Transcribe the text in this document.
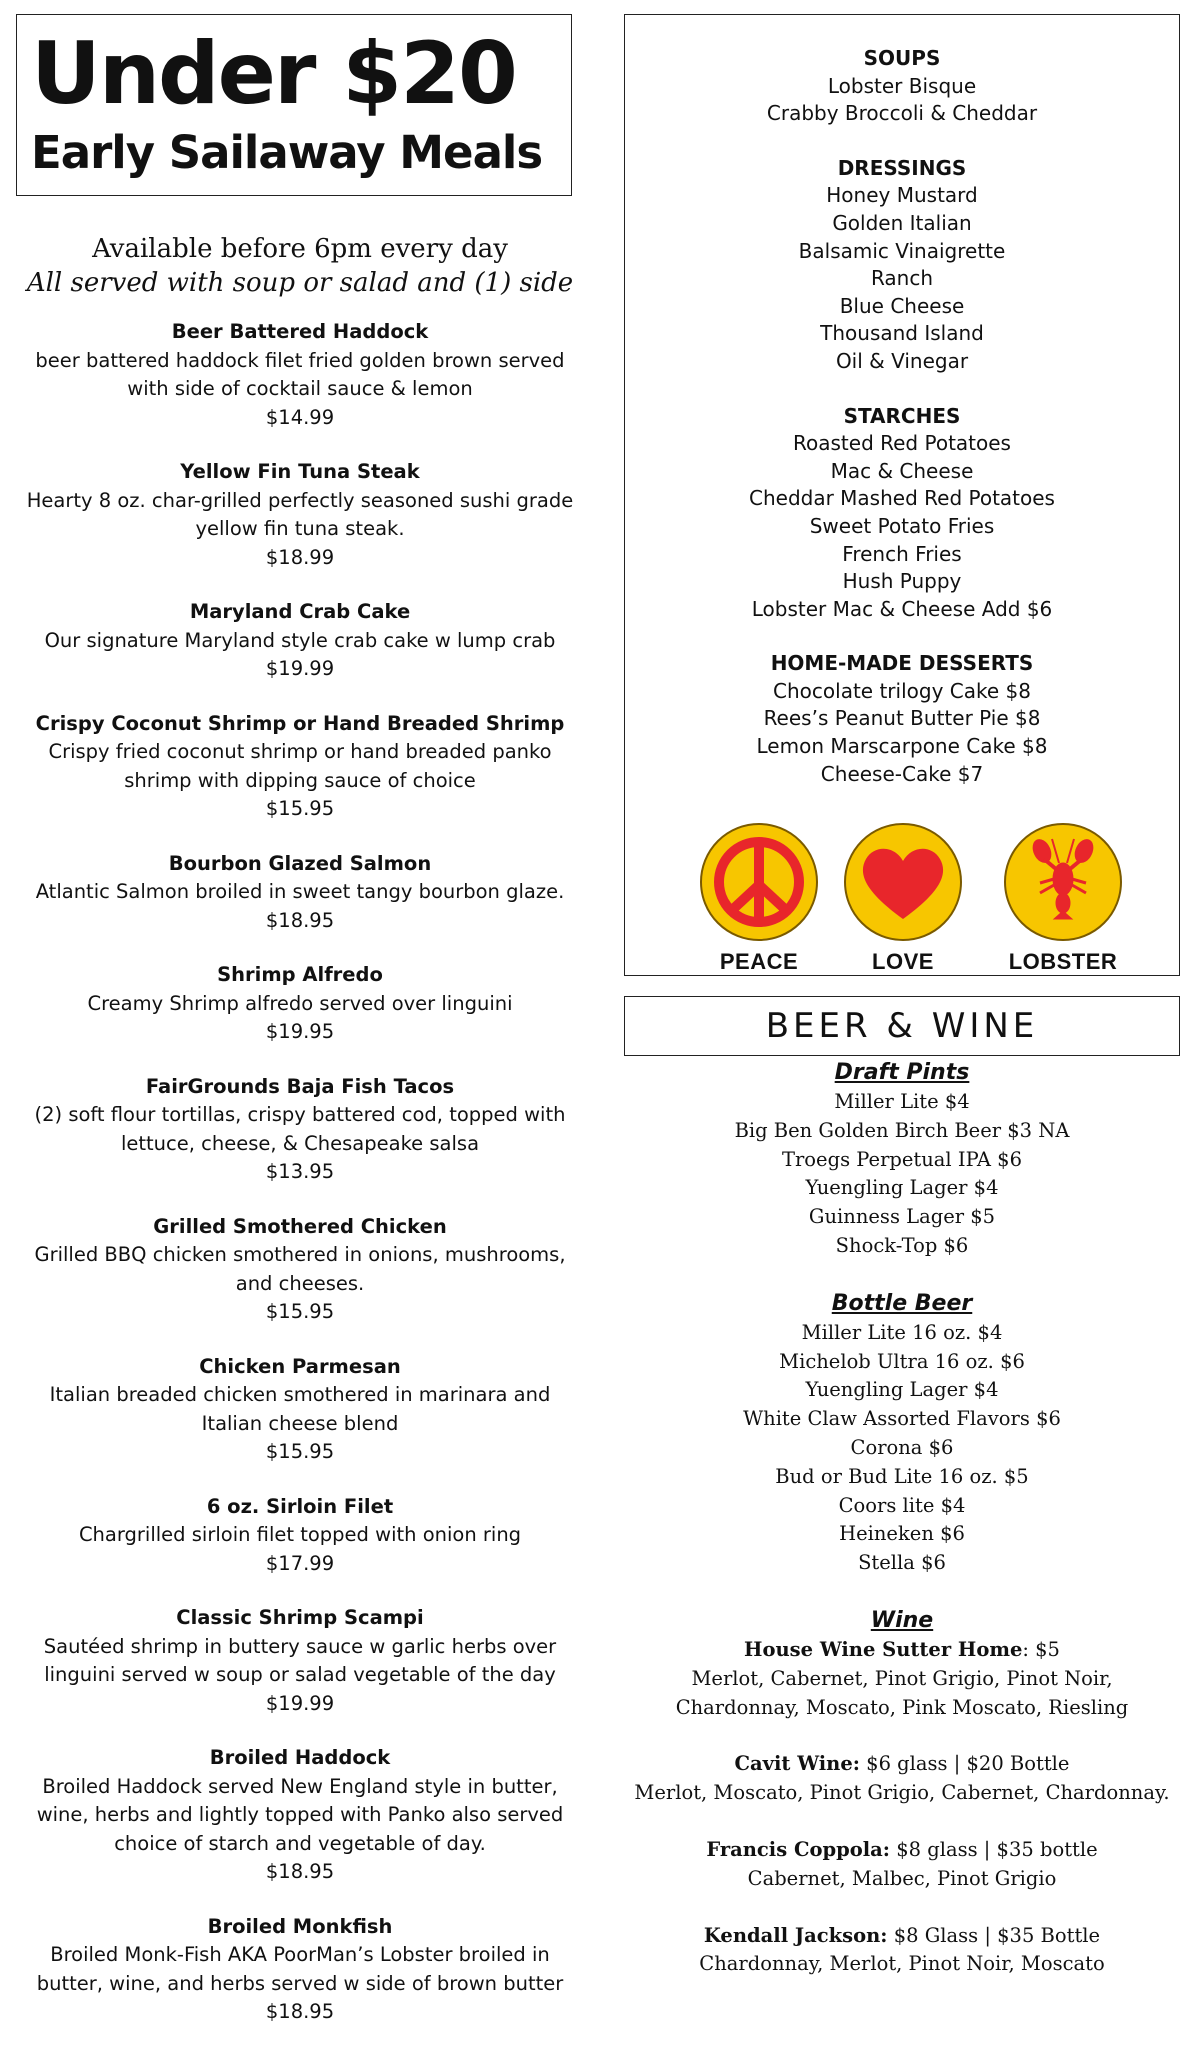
Under $20
Early Sailaway Meals
Available before 6pm every day
All served with soup or salad and (1) side
Beer Battered Haddock
beer battered haddock filet fried golden brown served
with side of cocktail sauce & lemon
$14.99
Yellow Fin Tuna Steak
Hearty 8 oz. char-grilled perfectly seasoned sushi grade
yellow fin tuna steak.
$18.99
Maryland Crab Cake
Our signature Maryland style crab cake w lump crab
$19.99
Crispy Coconut Shrimp or Hand Breaded Shrimp
Crispy fried coconut shrimp or hand breaded panko
shrimp with dipping sauce of choice
$15.95
Bourbon Glazed Salmon
Atlantic Salmon broiled in sweet tangy bourbon glaze.
$18.95
Shrimp Alfredo
Creamy Shrimp alfredo served over linguini
$19.95
FairGrounds Baja Fish Tacos
(2) soft flour tortillas, crispy battered cod, topped with
lettuce, cheese, & Chesapeake salsa
$13.95
Grilled Smothered Chicken
Grilled BBQ chicken smothered in onions, mushrooms,
and cheeses.
$15.95
Chicken Parmesan
Italian breaded chicken smothered in marinara and
Italian cheese blend
$15.95
6 oz. Sirloin Filet
Chargrilled sirloin filet topped with onion ring
$17.99
Classic Shrimp Scampi
Sautéed shrimp in buttery sauce w garlic herbs over
linguini served w soup or salad vegetable of the day
$19.99
Broiled Haddock
Broiled Haddock served New England style in butter,
wine, herbs and lightly topped with Panko also served
choice of starch and vegetable of day.
$18.95
Broiled Monkfish
Broiled Monk-Fish AKA PoorMan’s Lobster broiled in
butter, wine, and herbs served w side of brown butter
$18.95
SOUPS
Lobster Bisque
Crabby Broccoli & Cheddar
DRESSINGS
Honey Mustard
Golden Italian
Balsamic Vinaigrette
Ranch
Blue Cheese
Thousand Island
Oil & Vinegar
STARCHES
Roasted Red Potatoes
Mac & Cheese
Cheddar Mashed Red Potatoes
Sweet Potato Fries
French Fries
Hush Puppy
Lobster Mac & Cheese Add $6
HOME-MADE DESSERTS
Chocolate trilogy Cake $8
Rees’s Peanut Butter Pie $8
Lemon Marscarpone Cake $8
Cheese-Cake $7
PEACE	LOVE	LOBSTER
BEER & WINE
Draft Pints
Miller Lite $4
Big Ben Golden Birch Beer $3 NA
Troegs Perpetual IPA $6
Yuengling Lager $4
Guinness Lager $5
Shock-Top $6
Bottle Beer
Miller Lite 16 oz. $4
Michelob Ultra 16 oz. $6
Yuengling Lager $4
White Claw Assorted Flavors $6
Corona $6
Bud or Bud Lite 16 oz. $5
Coors lite $4
Heineken $6
Stella $6
Wine
House Wine Sutter Home: $5
Merlot, Cabernet, Pinot Grigio, Pinot Noir,
Chardonnay, Moscato, Pink Moscato, Riesling
Cavit Wine: $6 glass | $20 Bottle
Merlot, Moscato, Pinot Grigio, Cabernet, Chardonnay.
Francis Coppola: $8 glass | $35 bottle
Cabernet, Malbec, Pinot Grigio
Kendall Jackson: $8 Glass | $35 Bottle
Chardonnay, Merlot, Pinot Noir, Moscato
